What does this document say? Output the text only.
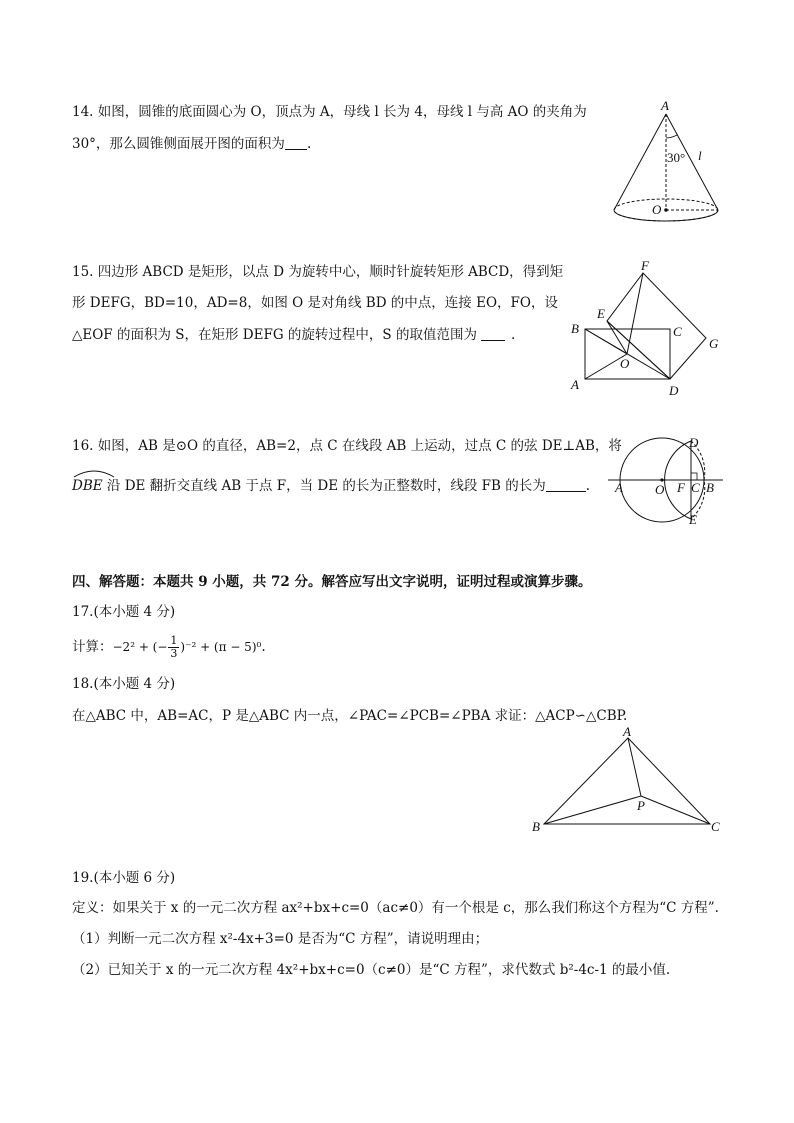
14. 如图，圆锥的底面圆心为 O，顶点为 A，母线 l 长为 4，母线 l 与高 AO 的夹角为
30°，那么圆锥侧面展开图的面积为 .
A
O
30° l
15. 四边形 ABCD 是矩形，以点 D 为旋转中心，顺时针旋转矩形 ABCD，得到矩
形 DEFG，BD=10，AD=8，如图 O 是对角线 BD 的中点，连接 EO，FO，设
△EOF 的面积为 S，在矩形 DEFG 的旋转过程中，S 的取值范围为	.
A
B	C
D
E
F
G
O
16. 如图，AB 是⊙O 的直径，AB=2，点 C 在线段 AB 上运动，过点 C 的弦 DE⊥AB，将
DBE 沿 DE 翻折交直线 AB 于点 F，当 DE 的长为正整数时，线段 FB 的长为	. A O F C B
D
E
四、解答题：本题共 9 小题，共 72 分。解答应写出文字说明，证明过程或演算步骤。
17.(本小题 4 分)
计算：−2² + (− $\frac{1}{3} )^{-2} + (\pi - 5)^0$.
18.(本小题 4 分)
在△ABC 中，AB=AC，P 是△ABC 内一点，∠PAC=∠PCB=∠PBA 求证：△ACP∽△CBP.
A
B	C
P
19.(本小题 6 分)
定义：如果关于 x 的一元二次方程 ax²+bx+c=0（ac≠0）有一个根是 c，那么我们称这个方程为“C 方程”.
（1）判断一元二次方程 x²-4x+3=0 是否为“C 方程”，请说明理由；
（2）已知关于 x 的一元二次方程 4x²+bx+c=0（c≠0）是“C 方程”，求代数式 b²-4c-1 的最小值.
